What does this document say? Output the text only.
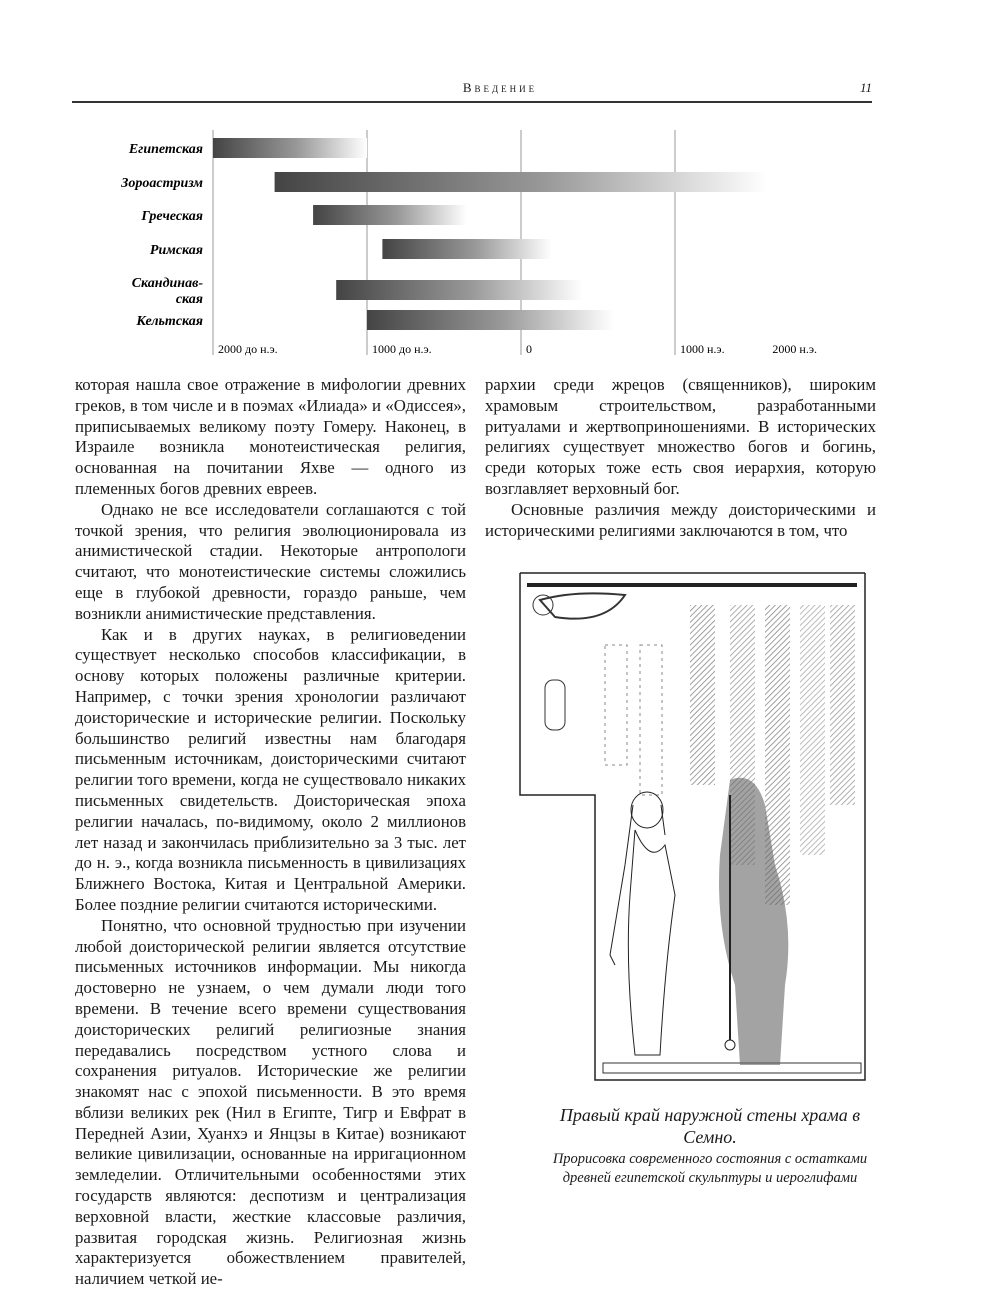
Введение	11
Египетская
Зороастризм
Греческая
Римская
Скандинав-ская
Кельтская
2000 до н.э.	1000 до н.э.	0	1000 н.э.	2000 н.э.

которая нашла свое отражение в мифологии древних греков, в том числе и в поэмах «Илиада» и «Одиссея», приписываемых великому поэту Гомеру. Наконец, в Израиле возникла монотеистическая религия, основанная на почитании Яхве — одного из племенных богов древних евреев.

Однако не все исследователи соглашаются с той точкой зрения, что религия эволюционировала из анимистической стадии. Некоторые антропологи считают, что монотеистические системы сложились еще в глубокой древности, гораздо раньше, чем возникли анимистические представления.

Как и в других науках, в религиоведении существует несколько способов классификации, в основу которых положены различные критерии. Например, с точки зрения хронологии различают доисторические и исторические религии. Поскольку большинство религий известны нам благодаря письменным источникам, доисторическими считают религии того времени, когда не существовало никаких письменных свидетельств. Доисторическая эпоха религии началась, по-видимому, около 2 миллионов лет назад и закончилась приблизительно за 3 тыс. лет до н. э., когда возникла письменность в цивилизациях Ближнего Востока, Китая и Центральной Америки. Более поздние религии считаются историческими.

Понятно, что основной трудностью при изучении любой доисторической религии является отсутствие письменных источников информации. Мы никогда достоверно не узнаем, о чем думали люди того времени. В течение всего времени существования доисторических религий религиозные знания передавались посредством устного слова и сохранения ритуалов. Исторические же религии знакомят нас с эпохой письменности. В это время вблизи великих рек (Нил в Египте, Тигр и Евфрат в Передней Азии, Хуанхэ и Янцзы в Китае) возникают великие цивилизации, основанные на ирригационном земледелии. Отличительными особенностями этих государств являются: деспотизм и централизация верховной власти, жесткие классовые различия, развитая городская жизнь. Религиозная жизнь характеризуется обожествлением правителей, наличием четкой ие-

рархии среди жрецов (священников), широким храмовым строительством, разработанными ритуалами и жертвоприношениями. В исторических религиях существует множество богов и богинь, среди которых тоже есть своя иерархия, которую возглавляет верховный бог.

Основные различия между доисторическими и историческими религиями заключаются в том, что

Правый край наружной стены храма в Семно.
Прорисовка современного состояния с остатками древней египетской скульптуры и иероглифами
